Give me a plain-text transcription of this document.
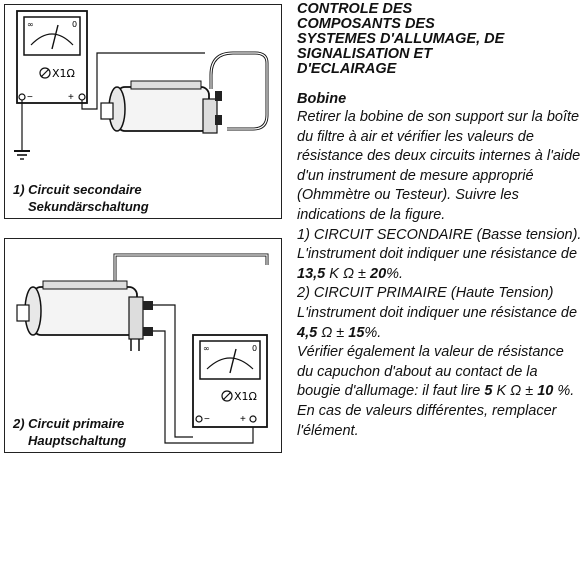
∞	0
X1Ω
−	+
1) Circuit secondaire
Sekundärschaltung
∞	0
X1Ω
−	+
2) Circuit primaire
Hauptschaltung
CONTROLE DES
COMPOSANTS DES
SYSTEMES D'ALLUMAGE, DE
SIGNALISATION ET
D'ECLAIRAGE
Bobine

Retirer la bobine de son support sur la boîte du filtre à air et vérifier les valeurs de résistance des deux circuits internes à l'aide d'un instrument de mesure approprié (Ohmmètre ou Testeur). Suivre les indications de la figure.
1) CIRCUIT SECONDAIRE (Basse tension).
L'instrument doit indiquer une résistance de 13,5 K Ω ± 20%.
2) CIRCUIT PRIMAIRE (Haute Tension)
L'instrument doit indiquer une résistance de 4,5 Ω ± 15%.
Vérifier également la valeur de résistance du capuchon d'about au contact de la bougie d'allumage: il faut lire 5 K Ω ± 10 %.
En cas de valeurs différentes, remplacer l'élément.
